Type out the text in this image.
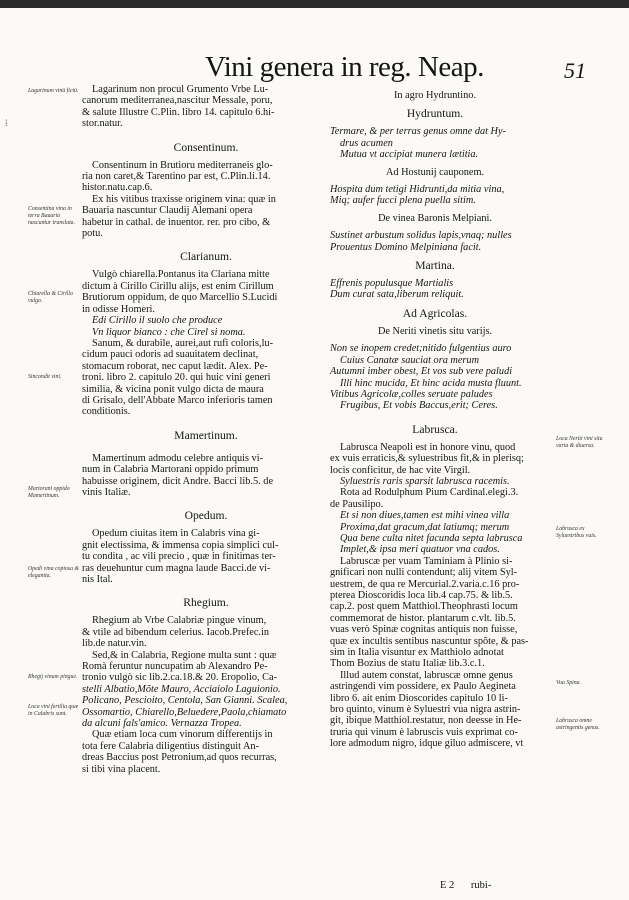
Vini genera in reg. Neap.	51
Lagarinum non procul Grumento Vrbe Lu-
canorum mediterranea,nascitur Messale, poru,
& salute Illustre C.Plin. libro 14. capitulo 6.hi-
stor.natur.
Consentinum.
Consentinum in Brutioru mediterraneis glo-
ria non caret,& Tarentino par est, C.Plin.li.14.
histor.natu.cap.6.
Ex his vitibus traxisse originem vina: quæ in
Bauaria nascuntur Claudij Alemani opera
habetur in cathal. de inuentor. rer. pro cibo, &
potu.
Clarianum.
Vulgò chiarella.Pontanus ita Clariana mitte
dictum à Cirillo Cirillu alijs, est enim Cirillum
Brutiorum oppidum, de quo Marcellio S.Lucidi
in odisse Homeri.
Edi Cirillo il suolo che produce
Vn liquor bianco : che Cirel si noma.
Sanum, & durabile, aurei,aut rufi coloris,lu-
cidum pauci odoris ad suauitatem declinat,
stomacum roborat, nec caput lædit. Alex. Pe-
troni. libro 2. capitulo 20. qui huic vini generi
similia, & vicina ponit vulgo dicta de maura
di Grisalo, dell'Abbate Marco inferioris tamen
conditionis.
Mamertinum.
Mamertinum admodu celebre antiquis vi-
num in Calabria Martorani oppido primum
habuisse originem, dicit Andre. Bacci lib.5. de
vinis Italiæ.
Opedum.
Opedum ciuitas item in Calabris vina gi-
gnit electissima, & immensa copia simplici cul-
tu condita , ac vili precio , quæ in finitimas ter-
ras deuehuntur cum magna laude Bacci.de vi-
nis Ital.
Rhegium.
Rhegium ab Vrbe Calabriæ pingue vinum,
& vtile ad bibendum celerius. Iacob.Prefec.in
lib.de natur.vin.
Sed,& in Calabria, Regione multa sunt : quæ
Romà feruntur nuncupatim ab Alexandro Pe-
tronio vulgò sic lib.2.ca.18.& 20. Eropolio, Ca-
stelli Albatio,Mõte Mauro, Acciaiolo Laguionio.
Policano, Pescioito, Centola, San Gianni. Scalea,
Ossomartio, Chiarello,Beluedere,Paola,chiamato
da alcuni fals'amico. Vernazza Tropea.
Quæ etiam loca cum vinorum differentijs in
tota fere Calabria diligentius distinguit An-
dreas Baccius post Petronium,ad quos recurras,
si tibi vina placent.
In agro Hydruntino.
Hydruntum.
Termare, & per terras genus omne dat Hy-
drus acumen
Mutua vt accipiat munera lætitia.
Ad Hostunij cauponem.
Hospita dum tetigi Hidrunti,da mitia vina,
Miq; aufer fucci plena puella sitim.
De vinea Baronis Melpiani.
Sustinet arbustum solidus lapis,vnaq; nulles
Prouentus Domino Melpiniana facit.
Martina.
Effrenis populusque Martialis
Dum curat sata,liberum reliquit.
Ad Agricolas.
De Neriti vinetis situ varijs.
Non se inopem credet;nitido fulgentius auro
Cuius Canatæ sauciat ora merum
Autumni imber obest, Et vos sub vere paludi
Illi hinc mucida, Et hinc acida musta fluunt.
Vitibus Agricolæ,colles seruate paludes
Frugibus, Et vobis Baccus,erit; Ceres.
Labrusca.
Labrusca Neapoli est in honore vinu, quod
ex vuis erraticis,& syluestribus fit,& in plerisq;
locis conficitur, de hac vite Virgil.
Syluestris raris sparsit labrusca racemis.
Rota ad Rodulphum Pium Cardinal.elegi.3.
de Pausilipo.
Et si non diues,tamen est mihi vinea villa
Proxima,dat gracum,dat latiumq; merum
Qua bene culta nitet facunda septa labrusca
Implet,& ipsa meri quatuor vna cados.
Labruscæ per vuam Taminiam à Plinio si-
gnificari non nulli contendunt; alij vitem Syl-
uestrem, de qua re Mercurial.2.varia.c.16 pro-
pterea Dioscoridis loca lib.4 cap.75. & lib.5.
cap.2. post quem Matthiol.Theophrasti locum
commemorat de histor. plantarum c.vlt. lib.5.
vuas verò Spinæ cognitas antiquis non fuisse,
quæ ex incultis sentibus nascuntur spõte, & pas-
sim in Italia visuntur ex Matthiolo adnotat
Thom Bozius de statu Italiæ lib.3.c.1.
Illud autem constat, labruscæ omne genus
astringendi vim possidere, ex Paulo Aegineta
libro 6. ait enim Dioscorides capitulo 10 li-
bro quinto, vinum è Syluestri vua nigra astrin-
git, ibique Matthiol.restatur, non deesse in He-
truria qui vinum è labruscis vuis exprimat co-
lore admodum nigro, idque giluo admiscere, vt
Lagarinum vinū fictū.
Consentina vina in terra Bauaria nascuntur translata.
Chiarella & Cirillo vulgo.
Sincondit vini.
Martorani oppido Mamertinum.
Opedi vina copiosa & elegantia.
Rhegij vinum pingue.
Loca vini fertilia quæ in Calabris sunt.
Loca Neriti vini situ varia & diuersa.
Labrusca ex Syluestribus vuis.
Vua Spina.
Labrusca omne astringentis genus.
⁞
E 2 rubi-
